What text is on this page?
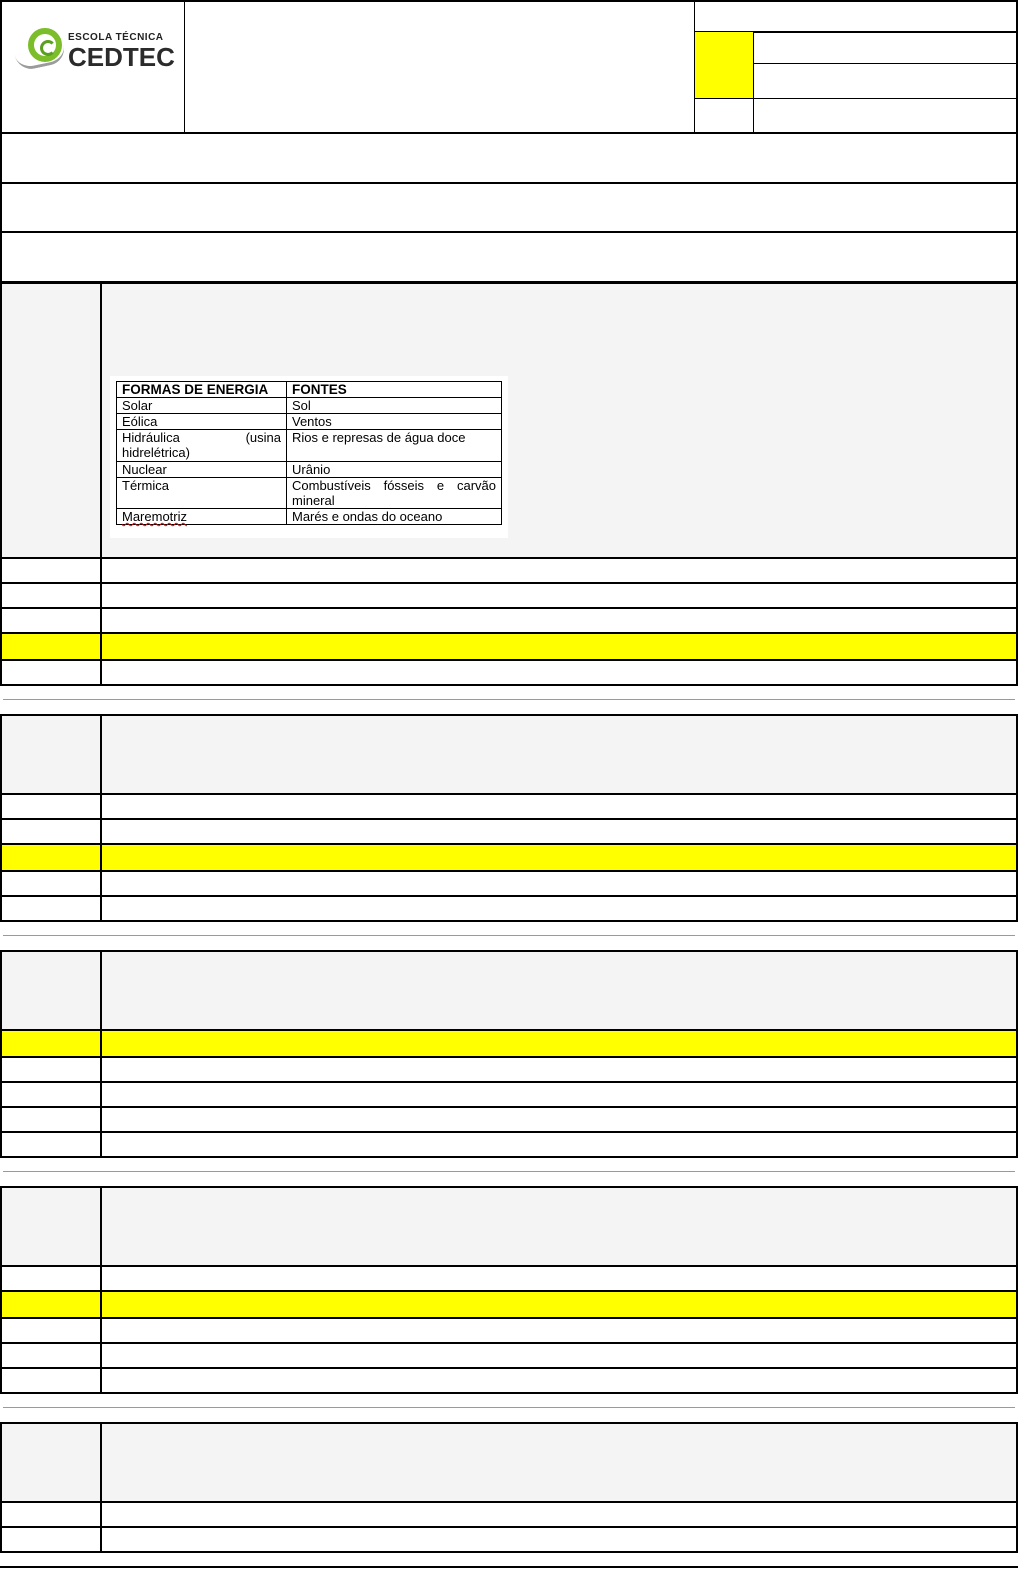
ESCOLA TÉCNICA
CEDTEC
FORMAS DE ENERGIA	FONTES
Solar	Sol
Eólica	Ventos
Hidráulica (usina hidrelétrica)	Rios e represas de água doce
Nuclear	Urânio
Térmica	Combustíveis fósseis e carvão mineral
Maremotriz	Marés e ondas do oceano
